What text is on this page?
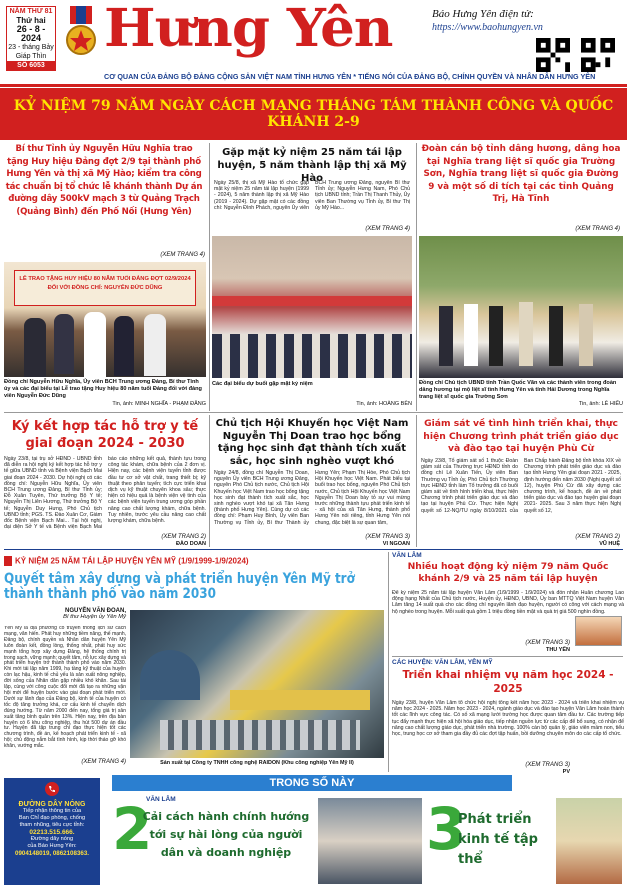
NĂM THỨ 81
Thứ hai
26 - 8 - 2024
23 - tháng Bảy
Giáp Thìn
SỐ 6053
Hưng Yên	Báo Hưng Yên điện tử:
https://www.baohungyen.vn
CƠ QUAN CỦA ĐẢNG BỘ ĐẢNG CỘNG SẢN VIỆT NAM TỈNH HƯNG YÊN * TIẾNG NÓI CỦA ĐẢNG BỘ, CHÍNH QUYỀN VÀ NHÂN DÂN HƯNG YÊN
KỶ NIỆM 79 NĂM NGÀY CÁCH MẠNG THÁNG TÁM THÀNH CÔNG VÀ QUỐC KHÁNH 2-9
Bí thư Tỉnh ủy Nguyễn Hữu Nghĩa trao tặng Huy hiệu Đảng đợt 2/9 tại thành phố Hưng Yên và thị xã Mỹ Hào; kiểm tra công tác chuẩn bị tổ chức lễ khánh thành Dự án đường dây 500kV mạch 3 từ Quảng Trạch (Quảng Bình) đến Phố Nối (Hưng Yên)
(XEM TRANG 4)
LỄ TRAO TẶNG HUY HIỆU 80 NĂM TUỔI ĐẢNG ĐỢT 02/9/2024 ĐỐI VỚI ĐỒNG CHÍ: NGUYỄN ĐỨC DŨNG
Đồng chí Nguyễn Hữu Nghĩa, Ủy viên BCH Trung ương Đảng, Bí thư Tỉnh ủy và các đại biểu tại Lễ trao tặng Huy hiệu 80 năm tuổi Đảng đối với đảng viên Nguyễn Đức Dũng
Tin, ảnh: MINH NGHĨA - PHẠM ĐĂNG
Gặp mặt kỷ niệm 25 năm tái lập huyện, 5 năm thành lập thị xã Mỹ Hào
Ngày 25/8, thị xã Mỹ Hào tổ chức gặp mặt kỷ niệm 25 năm tái lập huyện (1999 - 2024), 5 năm thành lập thị xã Mỹ Hào (2019 - 2024). Dự gặp mặt có các đồng chí: Nguyễn Đình Phách, nguyên Ủy viên BCH Trung ương Đảng, nguyên Bí thư Tỉnh ủy; Nguyễn Hưng Nam, Phó Chủ tịch UBND tỉnh; Trần Thị Thanh Thủy, Ủy viên Ban Thường vụ Tỉnh ủy, Bí thư Thị ủy Mỹ Hào...
(XEM TRANG 4)
Các đại biểu dự buổi gặp mặt kỷ niệm
Tin, ảnh: HOÀNG BÊN
Đoàn cán bộ tỉnh dâng hương, dâng hoa tại Nghĩa trang liệt sĩ quốc gia Trường Sơn, Nghĩa trang liệt sĩ quốc gia Đường 9 và một số di tích tại các tỉnh Quảng Trị, Hà Tĩnh
(XEM TRANG 4)
Đồng chí Chủ tịch UBND tỉnh Trần Quốc Văn và các thành viên trong đoàn dâng hương tại mộ liệt sĩ tình Hưng Yên và tỉnh Hải Dương trong Nghĩa trang liệt sĩ quốc gia Trường Sơn
Tin, ảnh: LÊ HIẾU
Ký kết hợp tác hỗ trợ y tế giai đoạn 2024 - 2030
Ngày 23/8, tại trụ sở HĐND - UBND tỉnh đã diễn ra hội nghị ký kết hợp tác hỗ trợ y tế giữa UBND tỉnh và Bệnh viện Bạch Mai giai đoạn 2024 - 2030. Dự hội nghị có các đồng chí: Nguyễn Hữu Nghĩa, Ủy viên BCH Trung ương Đảng, Bí thư Tỉnh ủy; Đỗ Xuân Tuyên, Thứ trưởng Bộ Y tế; Nguyễn Thị Liên Hương, Thứ trưởng Bộ Y tế; Nguyễn Duy Hưng, Phó Chủ tịch UBND tỉnh; PGS. TS. Đào Xuân Cơ, Giám đốc Bệnh viện Bạch Mai... Tại hội nghị, đại diện Sở Y tế và Bệnh viện Bạch Mai báo cáo những kết quả, thành tựu trong công tác khám, chữa bệnh của 2 đơn vị. Hiện nay, các bệnh viện tuyến tỉnh được đầu tư cơ sở vật chất, trang thiết bị; kỹ thuật theo phân tuyến; tích cực triển khai dịch vụ kỹ thuật chuyên khoa sâu; thực hiện có hiệu quả là bệnh viện vệ tinh của các bệnh viện tuyến trung ương góp phần nâng cao chất lượng khám, chữa bệnh. Tuy nhiên, trước yêu cầu nâng cao chất lượng khám, chữa bệnh.
(XEM TRANG 2)
ĐÀO DOAN
Chủ tịch Hội Khuyến học Việt Nam Nguyễn Thị Doan trao học bổng tặng học sinh đạt thành tích xuất sắc, học sinh nghèo vượt khó
Ngày 24/8, đồng chí Nguyễn Thị Doan, nguyên Ủy viên BCH Trung ương Đảng, nguyên Phó Chủ tịch nước, Chủ tịch Hội Khuyến học Việt Nam trao học bổng tặng học sinh đạt thành tích xuất sắc, học sinh nghèo vượt khó tại xã Tân Hưng (thành phố Hưng Yên). Cùng dự có các đồng chí: Phạm Huy Bình, Ủy viên Ban Thường vụ Tỉnh ủy, Bí thư Thành ủy Hưng Yên; Phạm Thị Hòe, Phó Chủ tịch Hội Khuyến học Việt Nam. Phát biểu tại buổi trao học bổng, nguyên Phó Chủ tịch nước, Chủ tịch Hội Khuyến học Việt Nam Nguyễn Thị Doan bày tỏ sự vui mừng trước những thành tựu phát triển kinh tế - xã hội của xã Tân Hưng, thành phố Hưng Yên nói riêng, tỉnh Hưng Yên nói chung, đặc biệt là sự quan tâm,
(XEM TRANG 3)
VI NGOAN
Giám sát về tình hình triển khai, thực hiện Chương trình phát triển giáo dục và đào tạo tại huyện Phù Cừ
Ngày 23/8, Tổ giám sát số 1 thuộc Đoàn giám sát của Thường trực HĐND tỉnh do đồng chí Lê Xuân Tiến, Ủy viên Ban Thường vụ Tỉnh ủy, Phó Chủ tịch Thường trực HĐND tỉnh làm Tổ trưởng đã có buổi giám sát về tình hình triển khai, thực hiện Chương trình phát triển giáo dục và đào tạo tại huyện Phù Cừ. Thực hiện Nghị quyết số 12-NQ/TU ngày 8/10/2021 của Ban Chấp hành Đảng bộ tỉnh khóa XIX về Chương trình phát triển giáo dục và đào tạo tỉnh Hưng Yên giai đoạn 2021 - 2025, định hướng đến năm 2030 (Nghị quyết số 12), huyện Phù Cừ đã xây dựng các chương trình, kế hoạch, đề án về phát triển giáo dục và đào tạo huyện giai đoạn 2021- 2025. Sau 3 năm thực hiện Nghị quyết số 12,
(XEM TRANG 2)
VŨ HUỆ
KỶ NIỆM 25 NĂM TÁI LẬP HUYỆN YÊN MỸ (1/9/1999-1/9/2024)
Quyết tâm xây dựng và phát triển huyện Yên Mỹ trở thành thành phố vào năm 2030
NGUYỄN VĂN ĐOAN,
Bí thư Huyện ủy Yên Mỹ
Yên Mỹ là địa phương có truyền thống lịch sử cách mạng, văn hiến. Phát huy những tiềm năng, thế mạnh, Đảng bộ, chính quyền và Nhân dân huyện Yên Mỹ luôn đoàn kết, đồng lòng, thống nhất, phát huy sức mạnh tổng hợp xây dựng Đảng, hệ thống chính trị trong sạch, vững mạnh; quyết tâm, nỗ lực xây dựng và phát triển huyện trở thành thành phố vào năm 2030. Khi mới tái lập năm 1999, hạ tầng kỹ thuật của huyện còn lạc hậu, kinh tế chủ yếu là sản xuất nông nghiệp, đời sống của Nhân dân gặp nhiều khó khăn. Sau tái lập, cùng với công cuộc đổi mới đã tạo ra những vận hội mới để huyện bước vào giai đoạn phát triển mới. Dưới sự lãnh đạo của Đảng bộ, kinh tế của huyện có tốc độ tăng trưởng khá, cơ cấu kinh tế chuyển dịch đúng hướng. Từ năm 2000 đến nay, tổng giá trị sản xuất tăng bình quân trên 13%. Hiện nay, trên địa bàn huyện có 6 khu công nghiệp, thu hút 500 dự án đầu tư. Huyện đã tập trung chỉ đạo thực hiện tốt các chương trình, đề án, kế hoạch phát triển kinh tế - xã hội; chủ động nắm bắt tình hình, kịp thời tháo gỡ khó khăn, vướng mắc.
(XEM TRANG 4)	Sản xuất tại Công ty TNHH công nghệ RAIDON (Khu công nghiệp Yên Mỹ II)
VĂN LÂM
Nhiều hoạt động kỷ niệm 79 năm Quốc khánh 2/9 và 25 năm tái lập huyện
Để kỷ niệm 25 năm tái lập huyện Văn Lâm (1/9/1999 - 1/9/2024) và đón nhận Huân chương Lao động hạng Nhất của Chủ tịch nước, Huyện ủy, HĐND, UBND, Ủy ban MTTQ Việt Nam huyện Văn Lâm tăng 14 suất quà cho các đồng chí nguyên lãnh đạo huyện, người có công với cách mạng và hộ nghèo trong huyện. Mỗi suất quà gồm 1 triệu đồng tiền mặt và quà trị giá 500 nghìn đồng.
(XEM TRANG 3)
THU YẾN
CÁC HUYỆN: VĂN LÂM, YÊN MỸ
Triển khai nhiệm vụ năm học 2024 - 2025
Ngày 23/8, huyện Văn Lâm tổ chức hội nghị tổng kết năm học 2023 - 2024 và triển khai nhiệm vụ năm học 2024 - 2025. Năm học 2023 - 2024, ngành giáo dục và đào tạo huyện Văn Lâm hoàn thành tốt các lĩnh vực công tác. Có số xã mạng lưới trường học được quan tâm đầu tư. Các trường tiếp tục đẩy mạnh thực hiện xã hội hóa giáo dục, tiếp nhận nguồn lực từ các cấp để bổ sung, có nhận để nâng cao chất lượng giáo dục, phát triển nhà trường. 100% cán bộ quản lý, giáo viên mầm non, tiểu học, trung học cơ sở tham gia đầy đủ các đợt tập huấn, bồi dưỡng chuyên môn do các cấp tổ chức.
(XEM TRANG 3)
PV
TRONG SỐ NÀY
ĐƯỜNG DÂY NÓNG
Tiếp nhận thông tin của
Ban Chỉ đạo phòng, chống
tham nhũng, tiêu cực tỉnh:
02213.515.666.
Đường dây nóng
của Báo Hưng Yên:
0904148019, 0862108363. 2
VĂN LÂM
Cải cách hành chính hướng tới sự hài lòng của người dân và doanh nghiệp	3
Phát triển kinh tế tập thể
